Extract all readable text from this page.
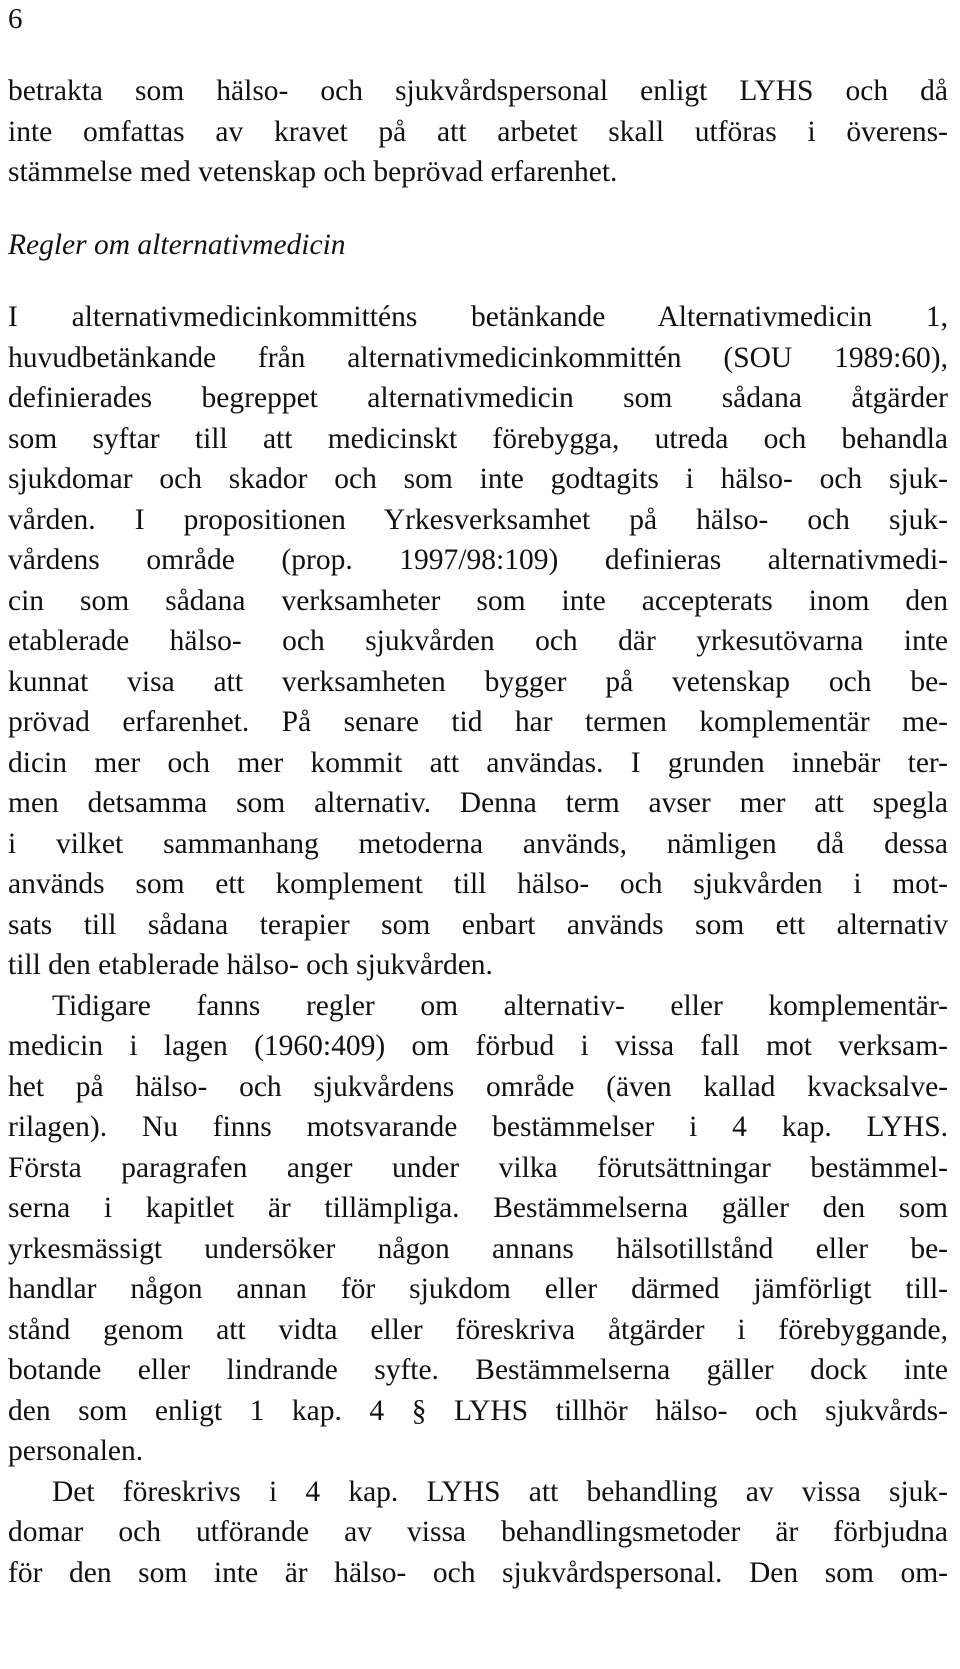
6
betrakta som hälso- och sjukvårdspersonal enligt LYHS och då
inte omfattas av kravet på att arbetet skall utföras i överens-
stämmelse med vetenskap och beprövad erfarenhet.
Regler om alternativmedicin
I alternativmedicinkommitténs betänkande Alternativmedicin 1,
huvudbetänkande från alternativmedicinkommittén (SOU 1989:60),
definierades begreppet alternativmedicin som sådana åtgärder
som syftar till att medicinskt förebygga, utreda och behandla
sjukdomar och skador och som inte godtagits i hälso- och sjuk-
vården. I propositionen Yrkesverksamhet på hälso- och sjuk-
vårdens område (prop. 1997/98:109) definieras alternativmedi-
cin som sådana verksamheter som inte accepterats inom den
etablerade hälso- och sjukvården och där yrkesutövarna inte
kunnat visa att verksamheten bygger på vetenskap och be-
prövad erfarenhet. På senare tid har termen komplementär me-
dicin mer och mer kommit att användas. I grunden innebär ter-
men detsamma som alternativ. Denna term avser mer att spegla
i vilket sammanhang metoderna används, nämligen då dessa
används som ett komplement till hälso- och sjukvården i mot-
sats till sådana terapier som enbart används som ett alternativ
till den etablerade hälso- och sjukvården.
Tidigare fanns regler om alternativ- eller komplementär-
medicin i lagen (1960:409) om förbud i vissa fall mot verksam-
het på hälso- och sjukvårdens område (även kallad kvacksalve-
rilagen). Nu finns motsvarande bestämmelser i 4 kap. LYHS.
Första paragrafen anger under vilka förutsättningar bestämmel-
serna i kapitlet är tillämpliga. Bestämmelserna gäller den som
yrkesmässigt undersöker någon annans hälsotillstånd eller be-
handlar någon annan för sjukdom eller därmed jämförligt till-
stånd genom att vidta eller föreskriva åtgärder i förebyggande,
botande eller lindrande syfte. Bestämmelserna gäller dock inte
den som enligt 1 kap. 4 § LYHS tillhör hälso- och sjukvårds-
personalen.
Det föreskrivs i 4 kap. LYHS att behandling av vissa sjuk-
domar och utförande av vissa behandlingsmetoder är förbjudna
för den som inte är hälso- och sjukvårdspersonal. Den som om-
